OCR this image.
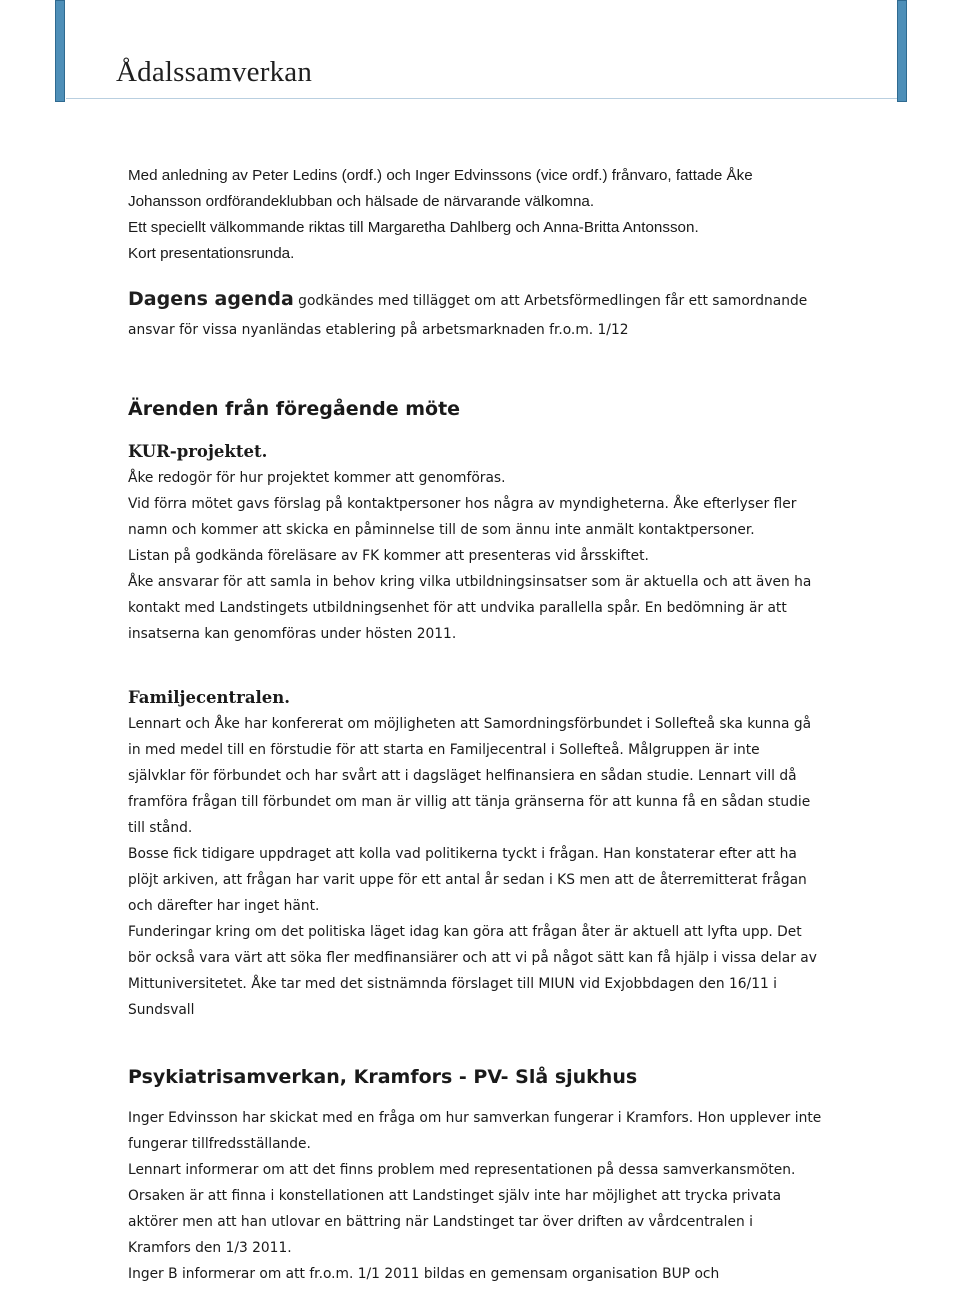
Ådalssamverkan

Med anledning av Peter Ledins (ordf.) och Inger Edvinssons (vice ordf.) frånvaro, fattade Åke

Johansson ordförandeklubban och hälsade de närvarande välkomna.

Ett speciellt välkommande riktas till Margaretha Dahlberg och Anna-Britta Antonsson.

Kort presentationsrunda.

Dagens agenda godkändes med tillägget om att Arbetsförmedlingen får ett samordnande

ansvar för vissa nyanländas etablering på arbetsmarknaden fr.o.m. 1/12

Ärenden från föregående möte
KUR-projektet.

Åke redogör för hur projektet kommer att genomföras.

Vid förra mötet gavs förslag på kontaktpersoner hos några av myndigheterna. Åke efterlyser fler

namn och kommer att skicka en påminnelse till de som ännu inte anmält kontaktpersoner.

Listan på godkända föreläsare av FK kommer att presenteras vid årsskiftet.

Åke ansvarar för att samla in behov kring vilka utbildningsinsatser som är aktuella och att även ha

kontakt med Landstingets utbildningsenhet för att undvika parallella spår. En bedömning är att

insatserna kan genomföras under hösten 2011.

Familjecentralen.

Lennart och Åke har konfererat om möjligheten att Samordningsförbundet i Sollefteå ska kunna gå

in med medel till en förstudie för att starta en Familjecentral i Sollefteå. Målgruppen är inte

självklar för förbundet och har svårt att i dagsläget helfinansiera en sådan studie. Lennart vill då

framföra frågan till förbundet om man är villig att tänja gränserna för att kunna få en sådan studie

till stånd.

Bosse fick tidigare uppdraget att kolla vad politikerna tyckt i frågan. Han konstaterar efter att ha

plöjt arkiven, att frågan har varit uppe för ett antal år sedan i KS men att de återremitterat frågan

och därefter har inget hänt.

Funderingar kring om det politiska läget idag kan göra att frågan åter är aktuell att lyfta upp. Det

bör också vara värt att söka fler medfinansiärer och att vi på något sätt kan få hjälp i vissa delar av

Mittuniversitetet. Åke tar med det sistnämnda förslaget till MIUN vid Exjobbdagen den 16/11 i

Sundsvall

Psykiatrisamverkan, Kramfors - PV- Slå sjukhus

Inger Edvinsson har skickat med en fråga om hur samverkan fungerar i Kramfors. Hon upplever inte

fungerar tillfredsställande.

Lennart informerar om att det finns problem med representationen på dessa samverkansmöten.

Orsaken är att finna i konstellationen att Landstinget själv inte har möjlighet att trycka privata

aktörer men att han utlovar en bättring när Landstinget tar över driften av vårdcentralen i

Kramfors den 1/3 2011.

Inger B informerar om att fr.o.m. 1/1 2011 bildas en gemensam organisation BUP och
